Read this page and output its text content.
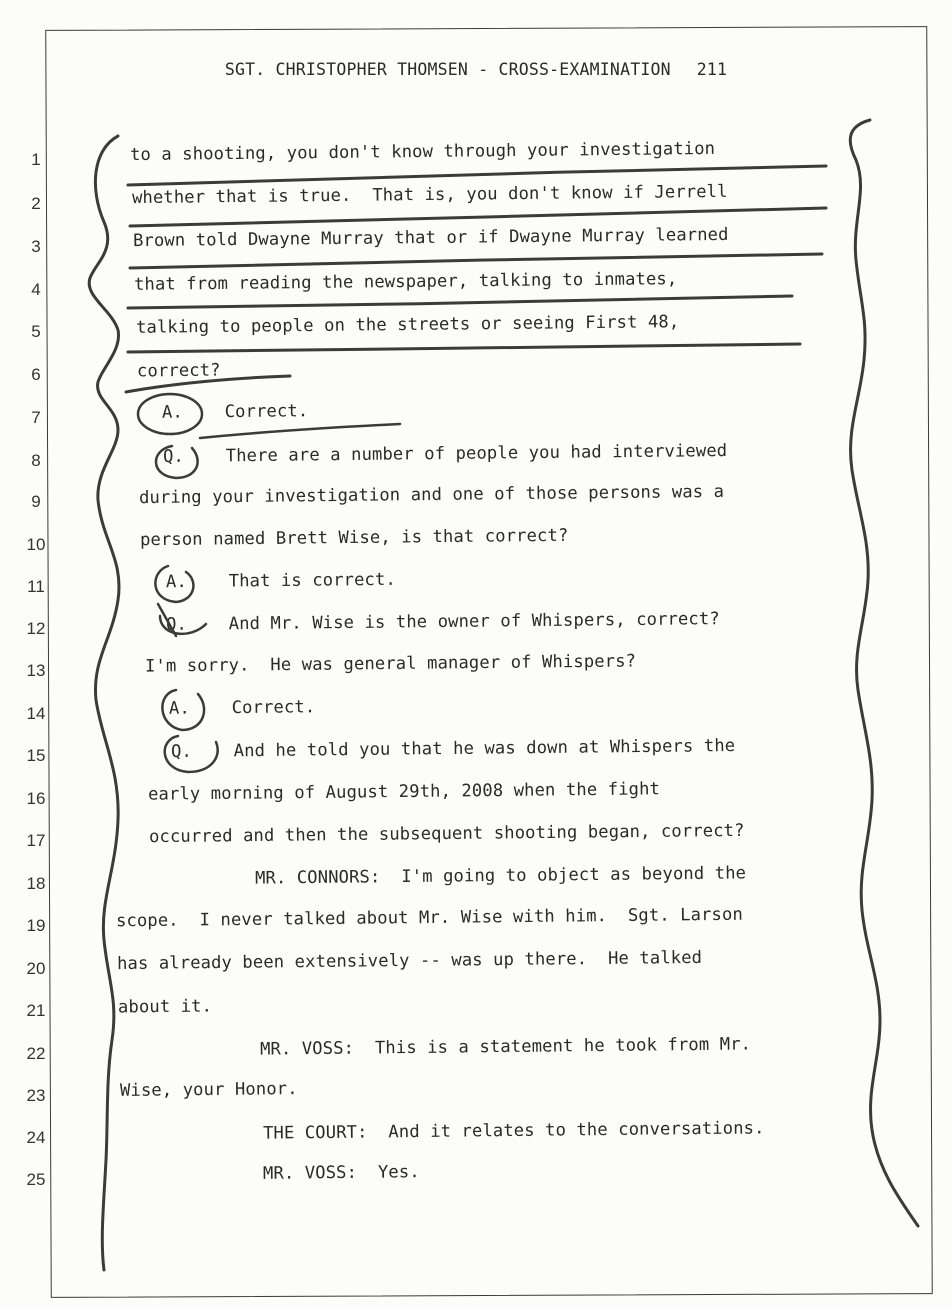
SGT. CHRISTOPHER THOMSEN - CROSS-EXAMINATION 211
1
2
3
4
5
6
7
8
9
10
11
12
13
14
15
16
17
18
19
20
21
22
23
24
25
to a shooting, you don't know through your investigation
whether that is true.  That is, you don't know if Jerrell
Brown told Dwayne Murray that or if Dwayne Murray learned
that from reading the newspaper, talking to inmates,
talking to people on the streets or seeing First 48,
correct?
A.    Correct.
Q.    There are a number of people you had interviewed
during your investigation and one of those persons was a
person named Brett Wise, is that correct?
A.    That is correct.
Q.    And Mr. Wise is the owner of Whispers, correct?
I'm sorry.  He was general manager of Whispers?
A.    Correct.
Q.    And he told you that he was down at Whispers the
early morning of August 29th, 2008 when the fight
occurred and then the subsequent shooting began, correct?
MR. CONNORS:  I'm going to object as beyond the
scope.  I never talked about Mr. Wise with him.  Sgt. Larson
has already been extensively -- was up there.  He talked
about it.
MR. VOSS:  This is a statement he took from Mr.
Wise, your Honor.
THE COURT:  And it relates to the conversations.
MR. VOSS:  Yes.
